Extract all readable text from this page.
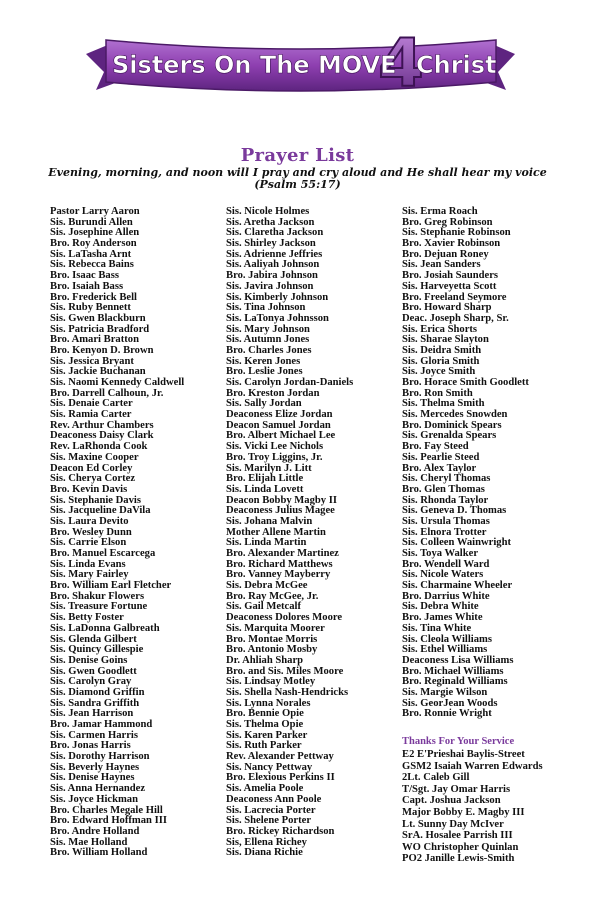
4
Sisters On The MOVE Christ
Prayer List
Evening, morning, and noon will I pray and cry aloud and He shall hear my voice
(Psalm 55:17)
Pastor Larry Aaron
Sis. Burundi Allen
Sis. Josephine Allen
Bro. Roy Anderson
Sis. LaTasha Arnt
Sis. Rebecca Bains
Bro. Isaac Bass
Bro. Isaiah Bass
Bro. Frederick Bell
Sis. Ruby Bennett
Sis. Gwen Blackburn
Sis. Patricia Bradford
Bro. Amari Bratton
Bro. Kenyon D. Brown
Sis. Jessica Bryant
Sis. Jackie Buchanan
Sis. Naomi Kennedy Caldwell
Bro. Darrell Calhoun, Jr.
Sis. Denaie Carter
Sis. Ramia Carter
Rev. Arthur Chambers
Deaconess Daisy Clark
Rev. LaRhonda Cook
Sis. Maxine Cooper
Deacon Ed Corley
Sis. Cherya Cortez
Bro. Kevin Davis
Sis. Stephanie Davis
Sis. Jacqueline DaVila
Sis. Laura Devito
Bro. Wesley Dunn
Sis. Carrie Elson
Bro. Manuel Escarcega
Sis. Linda Evans
Sis. Mary Fairley
Bro. William Earl Fletcher
Bro. Shakur Flowers
Sis. Treasure Fortune
Sis. Betty Foster
Sis. LaDonna Galbreath
Sis. Glenda Gilbert
Sis. Quincy Gillespie
Sis. Denise Goins
Sis. Gwen Goodlett
Sis. Carolyn Gray
Sis. Diamond Griffin
Sis. Sandra Griffith
Sis. Jean Harrison
Bro. Jamar Hammond
Sis. Carmen Harris
Bro. Jonas Harris
Sis. Dorothy Harrison
Sis. Beverly Haynes
Sis. Denise Haynes
Sis. Anna Hernandez
Sis. Joyce Hickman
Bro. Charles Megale Hill
Bro. Edward Hoffman III
Bro. Andre Holland
Sis. Mae Holland
Bro. William Holland
Sis. Nicole Holmes
Sis. Aretha Jackson
Sis. Claretha Jackson
Sis. Shirley Jackson
Sis. Adrienne Jeffries
Sis. Aaliyah Johnson
Bro. Jabira Johnson
Sis. Javira Johnson
Sis. Kimberly Johnson
Sis. Tina Johnson
Sis. LaTonya Johnsson
Sis. Mary Johnson
Sis. Autumn Jones
Bro. Charles Jones
Sis. Keren Jones
Bro. Leslie Jones
Sis. Carolyn Jordan-Daniels
Bro. Kreston Jordan
Sis. Sally Jordan
Deaconess Elize Jordan
Deacon Samuel Jordan
Bro. Albert Michael Lee
Sis. Vicki Lee Nichols
Bro. Troy Liggins, Jr.
Sis. Marilyn J. Litt
Bro. Elijah Little
Sis. Linda Lovett
Deacon Bobby Magby II
Deaconess Julius Magee
Sis. Johana Malvin
Mother Allene Martin
Sis. Linda Martin
Bro. Alexander Martinez
Bro. Richard Matthews
Bro. Vanney Mayberry
Sis. Debra McGee
Bro. Ray McGee, Jr.
Sis. Gail Metcalf
Deaconess Dolores Moore
Sis. Marquita Moorer
Bro. Montae Morris
Bro. Antonio Mosby
Dr. Ahliah Sharp
Bro. and Sis. Miles Moore
Sis. Lindsay Motley
Sis. Shella Nash-Hendricks
Sis. Lynna Norales
Bro. Bennie Opie
Sis. Thelma Opie
Sis. Karen Parker
Sis. Ruth Parker
Rev. Alexander Pettway
Sis. Nancy Pettway
Bro. Elexious Perkins II
Sis. Amelia Poole
Deaconess Ann Poole
Sis. Lacrecia Porter
Sis. Shelene Porter
Bro. Rickey Richardson
Sis, Ellena Richey
Sis. Diana Richie
Sis. Erma Roach
Bro. Greg Robinson
Sis. Stephanie Robinson
Bro. Xavier Robinson
Bro. Dejuan Roney
Sis. Jean Sanders
Bro. Josiah Saunders
Sis. Harveyetta Scott
Bro. Freeland Seymore
Bro. Howard Sharp
Deac. Joseph Sharp, Sr.
Sis. Erica Shorts
Sis. Sharae Slayton
Sis. Deidra Smith
Sis. Gloria Smith
Sis. Joyce Smith
Bro. Horace Smith Goodlett
Bro. Ron Smith
Sis. Thelma Smith
Sis. Mercedes Snowden
Bro. Dominick Spears
Sis. Grenalda Spears
Bro. Fay Steed
Sis. Pearlie Steed
Bro. Alex Taylor
Sis. Cheryl Thomas
Bro. Glen Thomas
Sis. Rhonda Taylor
Sis. Geneva D. Thomas
Sis. Ursula Thomas
Sis. Elnora Trotter
Sis. Colleen Wainwright
Sis. Toya Walker
Bro. Wendell Ward
Sis. Nicole Waters
Sis. Charmaine Wheeler
Bro. Darrius White
Sis. Debra White
Bro. James White
Sis. Tina White
Sis. Cleola Williams
Sis. Ethel Williams
Deaconess Lisa Williams
Bro. Michael Williams
Bro. Reginald Williams
Sis. Margie Wilson
Sis. GeorJean Woods
Bro. Ronnie Wright
Thanks For Your Service
E2 E'Prieshai Baylis-Street
GSM2 Isaiah Warren Edwards
2Lt. Caleb Gill
T/Sgt. Jay Omar Harris
Capt. Joshua Jackson
Major Bobby E. Magby III
Lt. Sunny Day McIver
SrA. Hosalee Parrish III
WO Christopher Quinlan
PO2 Janille Lewis-Smith
